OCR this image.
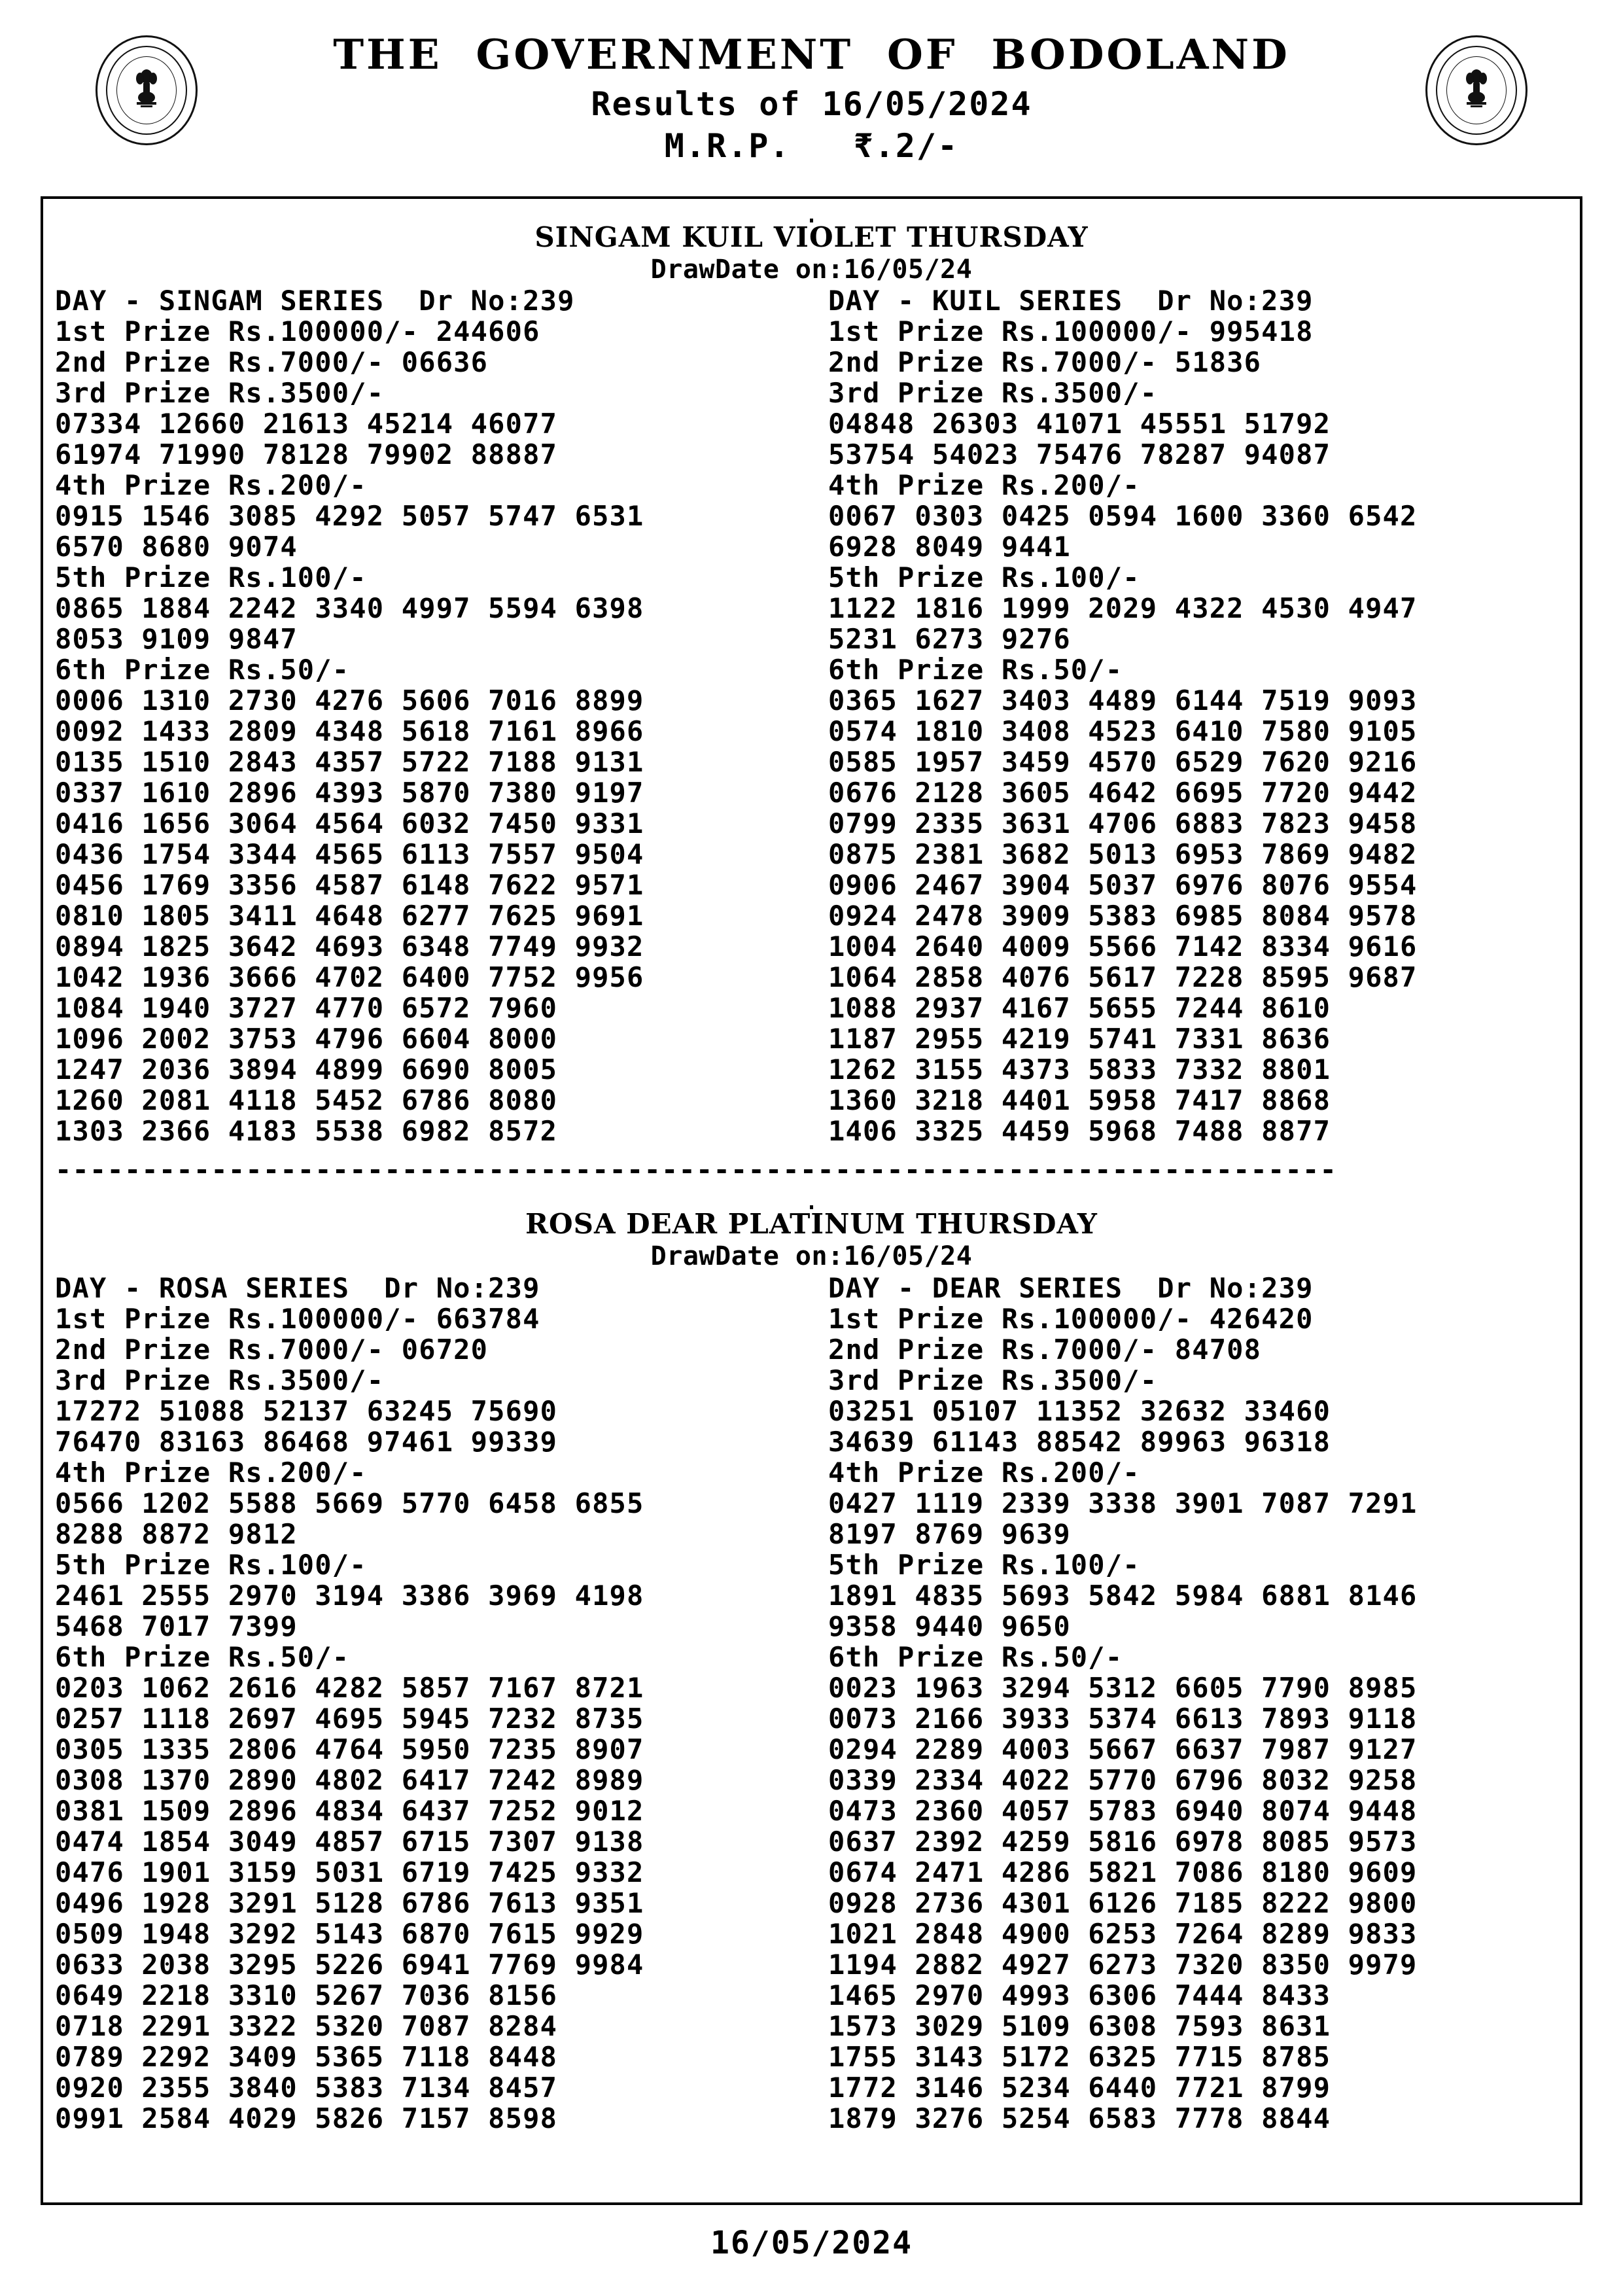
THE  GOVERNMENT  OF  BODOLAND
Results of 16/05/2024
M.R.P.   ₹.2/-
.
SINGAM KUIL VIOLET THURSDAY
DrawDate on:16/05/24
DAY - SINGAM SERIES  Dr No:239
1st Prize Rs.100000/- 244606
2nd Prize Rs.7000/- 06636
3rd Prize Rs.3500/-
07334 12660 21613 45214 46077
61974 71990 78128 79902 88887
4th Prize Rs.200/-
0915 1546 3085 4292 5057 5747 6531
6570 8680 9074
5th Prize Rs.100/-
0865 1884 2242 3340 4997 5594 6398
8053 9109 9847
6th Prize Rs.50/-
0006 1310 2730 4276 5606 7016 8899
0092 1433 2809 4348 5618 7161 8966
0135 1510 2843 4357 5722 7188 9131
0337 1610 2896 4393 5870 7380 9197
0416 1656 3064 4564 6032 7450 9331
0436 1754 3344 4565 6113 7557 9504
0456 1769 3356 4587 6148 7622 9571
0810 1805 3411 4648 6277 7625 9691
0894 1825 3642 4693 6348 7749 9932
1042 1936 3666 4702 6400 7752 9956
1084 1940 3727 4770 6572 7960
1096 2002 3753 4796 6604 8000
1247 2036 3894 4899 6690 8005
1260 2081 4118 5452 6786 8080
1303 2366 4183 5538 6982 8572
DAY - KUIL SERIES  Dr No:239
1st Prize Rs.100000/- 995418
2nd Prize Rs.7000/- 51836
3rd Prize Rs.3500/-
04848 26303 41071 45551 51792
53754 54023 75476 78287 94087
4th Prize Rs.200/-
0067 0303 0425 0594 1600 3360 6542
6928 8049 9441
5th Prize Rs.100/-
1122 1816 1999 2029 4322 4530 4947
5231 6273 9276
6th Prize Rs.50/-
0365 1627 3403 4489 6144 7519 9093
0574 1810 3408 4523 6410 7580 9105
0585 1957 3459 4570 6529 7620 9216
0676 2128 3605 4642 6695 7720 9442
0799 2335 3631 4706 6883 7823 9458
0875 2381 3682 5013 6953 7869 9482
0906 2467 3904 5037 6976 8076 9554
0924 2478 3909 5383 6985 8084 9578
1004 2640 4009 5566 7142 8334 9616
1064 2858 4076 5617 7228 8595 9687
1088 2937 4167 5655 7244 8610
1187 2955 4219 5741 7331 8636
1262 3155 4373 5833 7332 8801
1360 3218 4401 5958 7417 8868
1406 3325 4459 5968 7488 8877
--------------------------------------------------------------------------
.
ROSA DEAR PLATINUM THURSDAY
DrawDate on:16/05/24
DAY - ROSA SERIES  Dr No:239
1st Prize Rs.100000/- 663784
2nd Prize Rs.7000/- 06720
3rd Prize Rs.3500/-
17272 51088 52137 63245 75690
76470 83163 86468 97461 99339
4th Prize Rs.200/-
0566 1202 5588 5669 5770 6458 6855
8288 8872 9812
5th Prize Rs.100/-
2461 2555 2970 3194 3386 3969 4198
5468 7017 7399
6th Prize Rs.50/-
0203 1062 2616 4282 5857 7167 8721
0257 1118 2697 4695 5945 7232 8735
0305 1335 2806 4764 5950 7235 8907
0308 1370 2890 4802 6417 7242 8989
0381 1509 2896 4834 6437 7252 9012
0474 1854 3049 4857 6715 7307 9138
0476 1901 3159 5031 6719 7425 9332
0496 1928 3291 5128 6786 7613 9351
0509 1948 3292 5143 6870 7615 9929
0633 2038 3295 5226 6941 7769 9984
0649 2218 3310 5267 7036 8156
0718 2291 3322 5320 7087 8284
0789 2292 3409 5365 7118 8448
0920 2355 3840 5383 7134 8457
0991 2584 4029 5826 7157 8598
DAY - DEAR SERIES  Dr No:239
1st Prize Rs.100000/- 426420
2nd Prize Rs.7000/- 84708
3rd Prize Rs.3500/-
03251 05107 11352 32632 33460
34639 61143 88542 89963 96318
4th Prize Rs.200/-
0427 1119 2339 3338 3901 7087 7291
8197 8769 9639
5th Prize Rs.100/-
1891 4835 5693 5842 5984 6881 8146
9358 9440 9650
6th Prize Rs.50/-
0023 1963 3294 5312 6605 7790 8985
0073 2166 3933 5374 6613 7893 9118
0294 2289 4003 5667 6637 7987 9127
0339 2334 4022 5770 6796 8032 9258
0473 2360 4057 5783 6940 8074 9448
0637 2392 4259 5816 6978 8085 9573
0674 2471 4286 5821 7086 8180 9609
0928 2736 4301 6126 7185 8222 9800
1021 2848 4900 6253 7264 8289 9833
1194 2882 4927 6273 7320 8350 9979
1465 2970 4993 6306 7444 8433
1573 3029 5109 6308 7593 8631
1755 3143 5172 6325 7715 8785
1772 3146 5234 6440 7721 8799
1879 3276 5254 6583 7778 8844
16/05/2024
